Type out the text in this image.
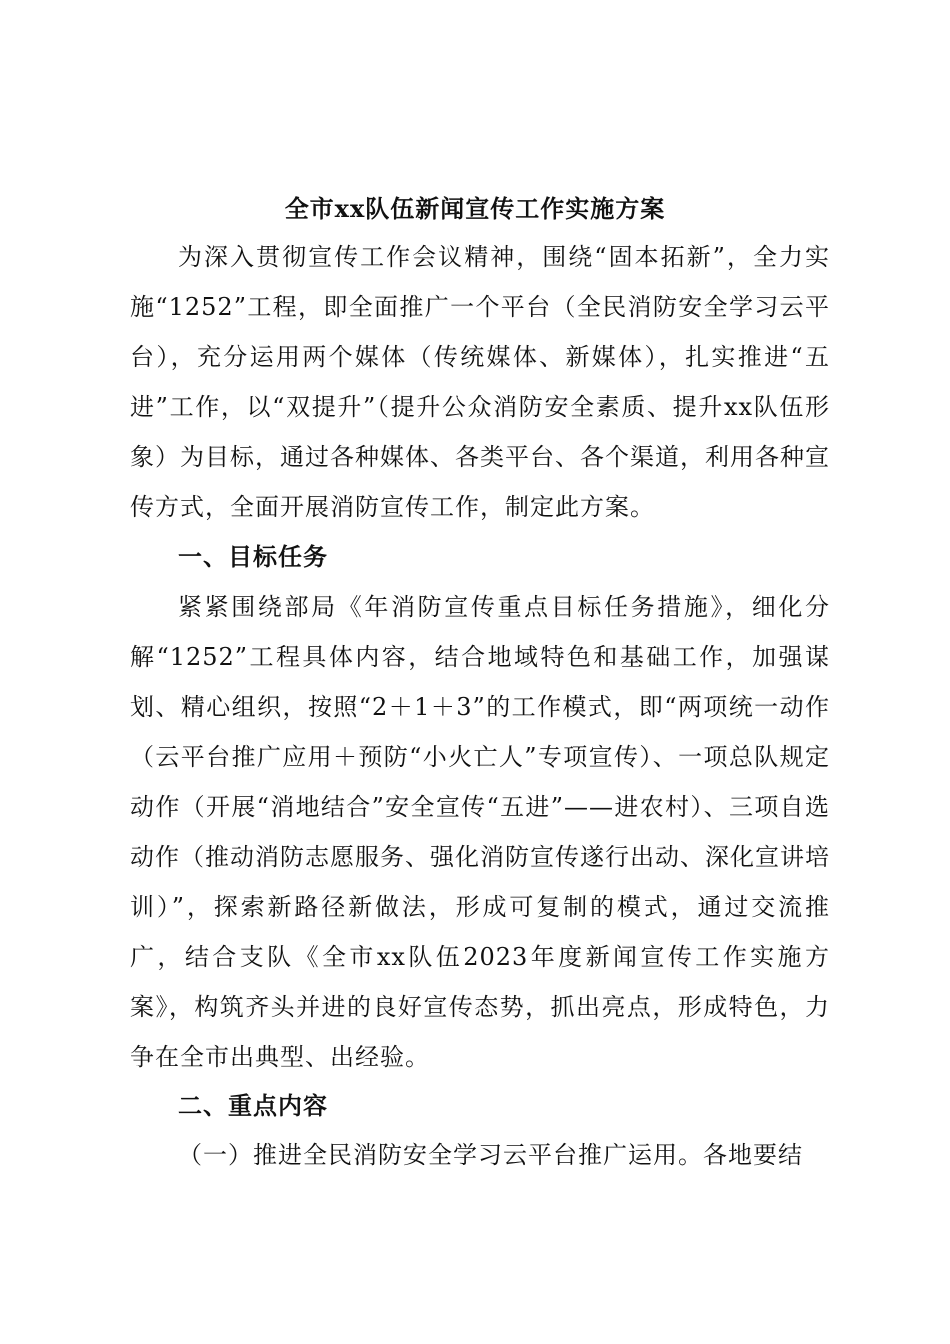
全市xx队伍新闻宣传工作实施方案
为深入贯彻宣传工作会议精神，围绕“固本拓新”，全力实施“1252”工程，即全面推广一个平台（全民消防安全学习云平台），充分运用两个媒体（传统媒体、新媒体），扎实推进“五进”工作，以“双提升”（提升公众消防安全素质、提升xx队伍形象）为目标，通过各种媒体、各类平台、各个渠道，利用各种宣传方式，全面开展消防宣传工作，制定此方案。
一、目标任务
紧紧围绕部局《年消防宣传重点目标任务措施》，细化分解“1252”工程具体内容，结合地域特色和基础工作，加强谋划、精心组织，按照“2＋1＋3”的工作模式，即“两项统一动作（云平台推广应用＋预防“小火亡人”专项宣传）、一项总队规定动作（开展“消地结合”安全宣传“五进”——进农村）、三项自选动作（推动消防志愿服务、强化消防宣传遂行出动、深化宣讲培训）”，探索新路径新做法，形成可复制的模式，通过交流推广，结合支队《全市xx队伍2023年度新闻宣传工作实施方案》，构筑齐头并进的良好宣传态势，抓出亮点，形成特色，力争在全市出典型、出经验。
二、重点内容
（一）推进全民消防安全学习云平台推广运用。各地要结
